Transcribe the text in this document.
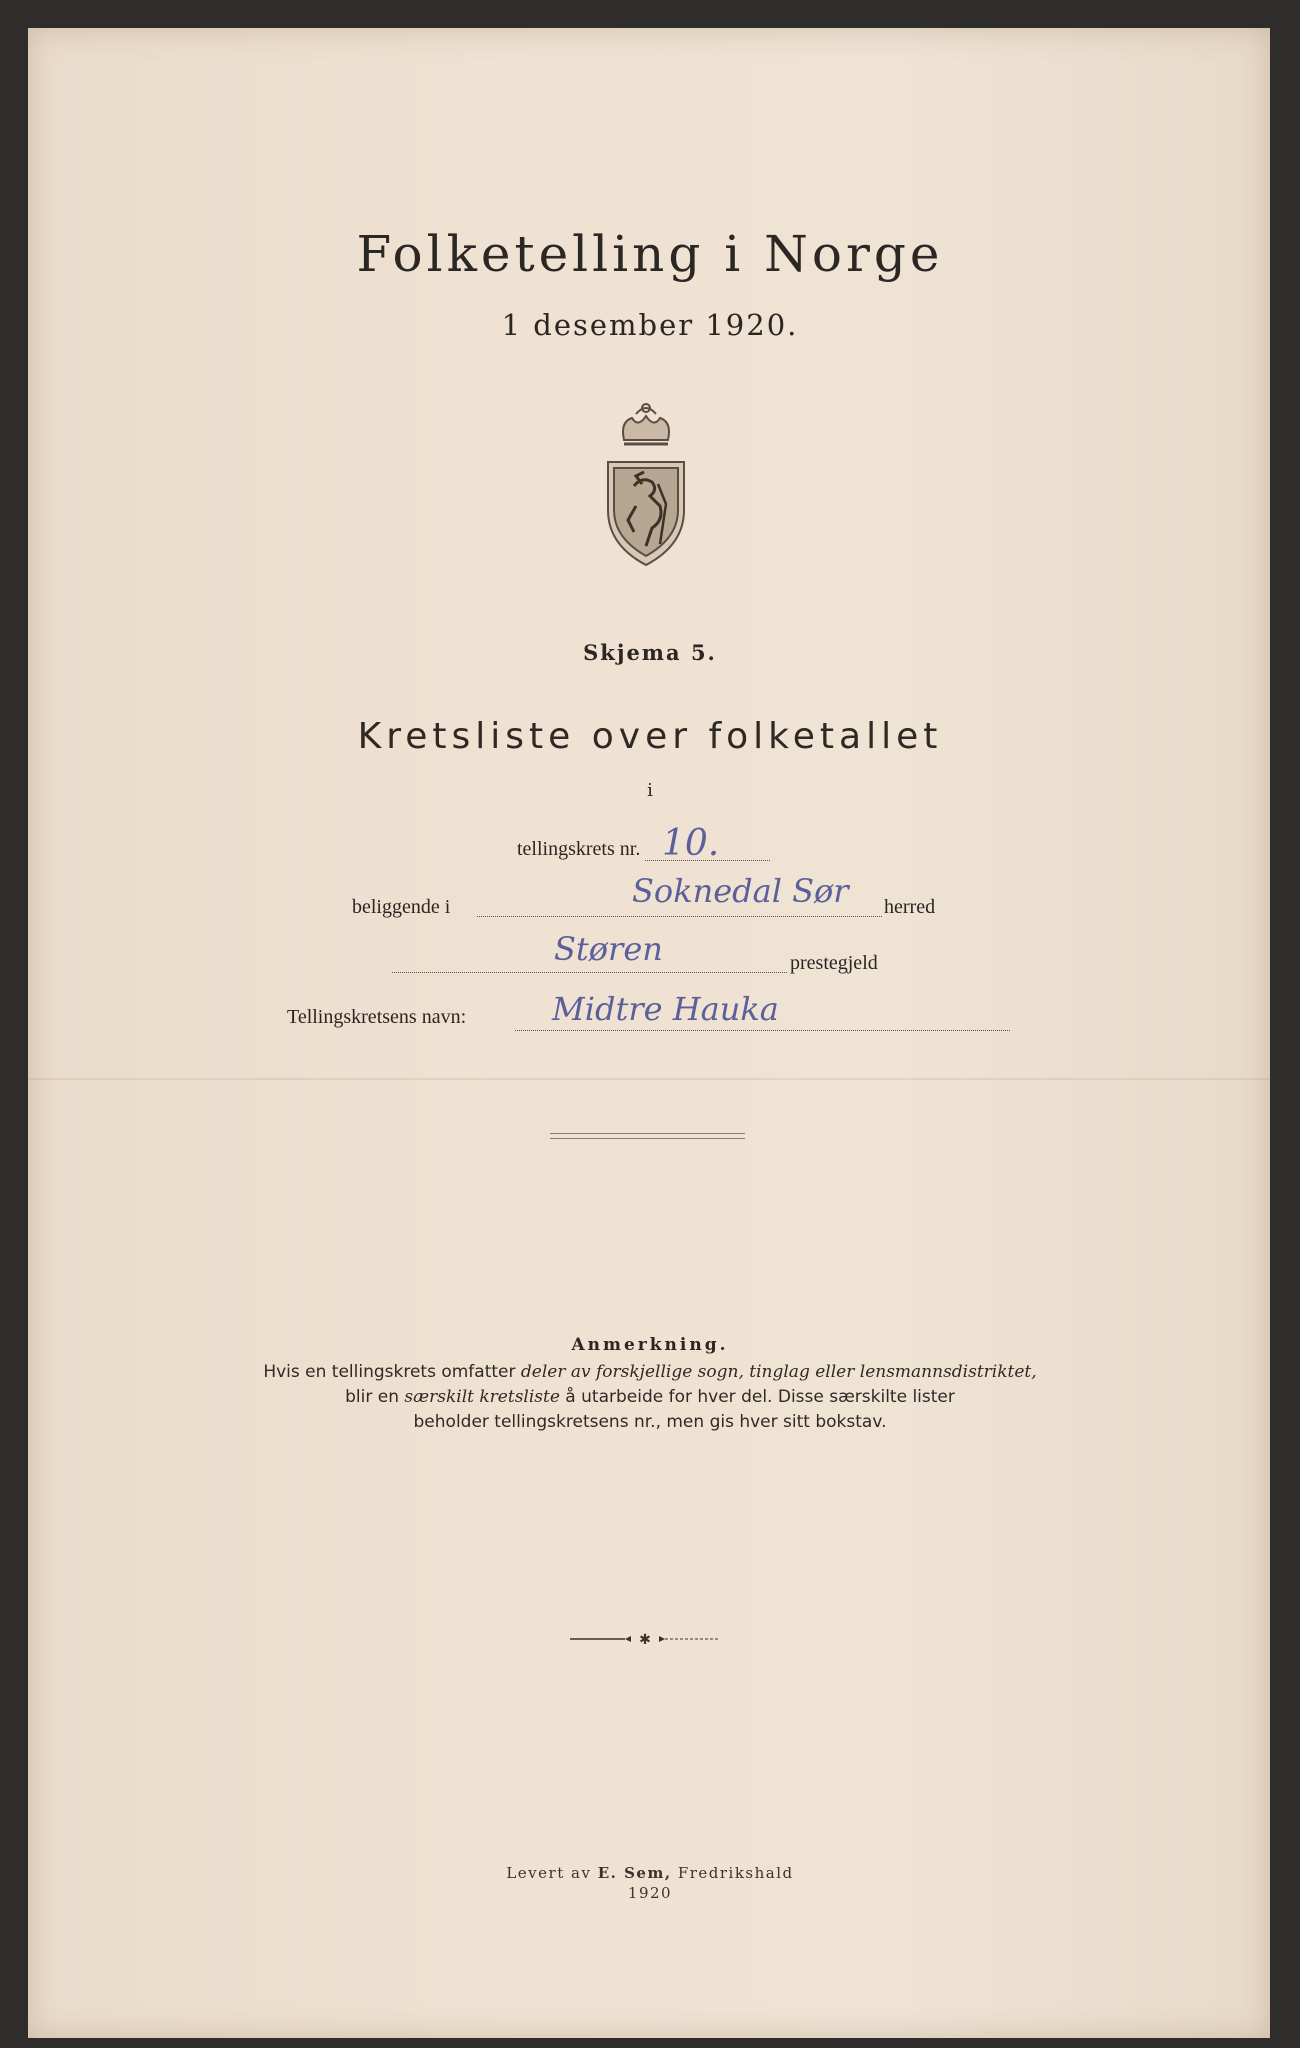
Folketelling i Norge
1 desember 1920.
Skjema 5.
Kretsliste over folketallet
i
tellingskrets nr. 10.
beliggende i	Soknedal Sør herred
Støren	prestegjeld
Tellingskretsens navn:	Midtre Hauka
Anmerkning.
Hvis en tellingskrets omfatter deler av forskjellige sogn, tinglag eller lensmannsdistriktet,
blir en særskilt kretsliste å utarbeide for hver del. Disse særskilte lister
beholder tellingskretsens nr., men gis hver sitt bokstav.
✱
Levert av E. Sem, Fredrikshald
1920
